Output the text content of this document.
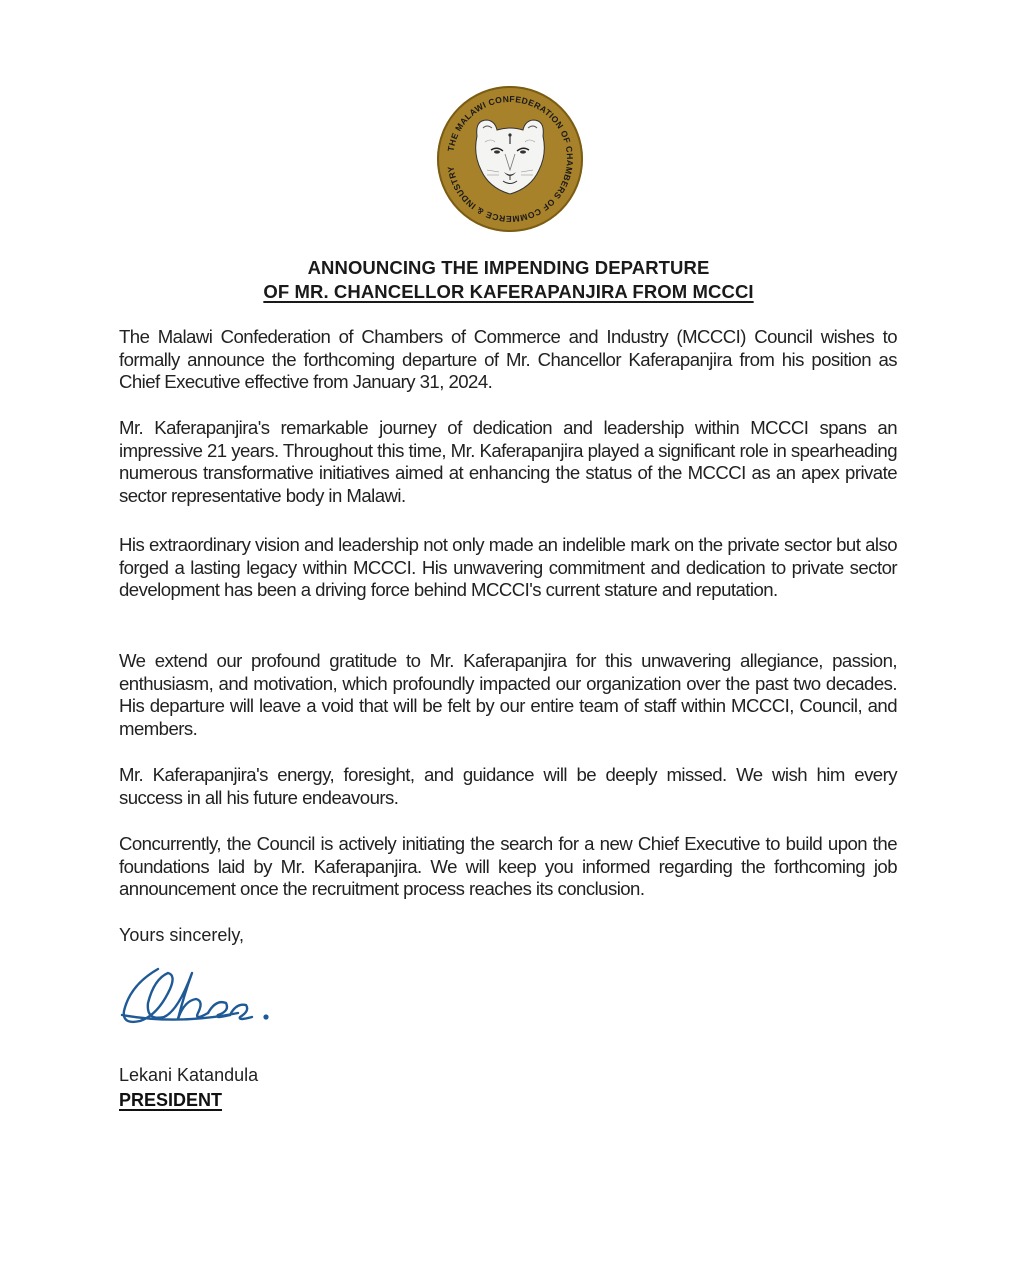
THE MALAWI CONFEDERATION OF CHAMBERS OF COMMERCE & INDUSTRY
ANNOUNCING THE IMPENDING DEPARTURE
OF MR. CHANCELLOR KAFERAPANJIRA FROM MCCCI

The Malawi Confederation of Chambers of Commerce and Industry (MCCCI) Council wishes to formally announce the forthcoming departure of Mr. Chancellor Kaferapanjira from his position as Chief Executive effective from January 31, 2024.

Mr. Kaferapanjira's remarkable journey of dedication and leadership within MCCCI spans an impressive 21 years. Throughout this time, Mr. Kaferapanjira played a significant role in spearheading numerous transformative initiatives aimed at enhancing the status of the MCCCI as an apex private sector representative body in Malawi.

His extraordinary vision and leadership not only made an indelible mark on the private sector but also forged a lasting legacy within MCCCI. His unwavering commitment and dedication to private sector development has been a driving force behind MCCCI's current stature and reputation.

We extend our profound gratitude to Mr. Kaferapanjira for this unwavering allegiance, passion, enthusiasm, and motivation, which profoundly impacted our organization over the past two decades. His departure will leave a void that will be felt by our entire team of staff within MCCCI, Council, and members.

Mr. Kaferapanjira's energy, foresight, and guidance will be deeply missed. We wish him every success in all his future endeavours.

Concurrently, the Council is actively initiating the search for a new Chief Executive to build upon the foundations laid by Mr. Kaferapanjira. We will keep you informed regarding the forthcoming job announcement once the recruitment process reaches its conclusion.

Yours sincerely,
Lekani Katandula
PRESIDENT
